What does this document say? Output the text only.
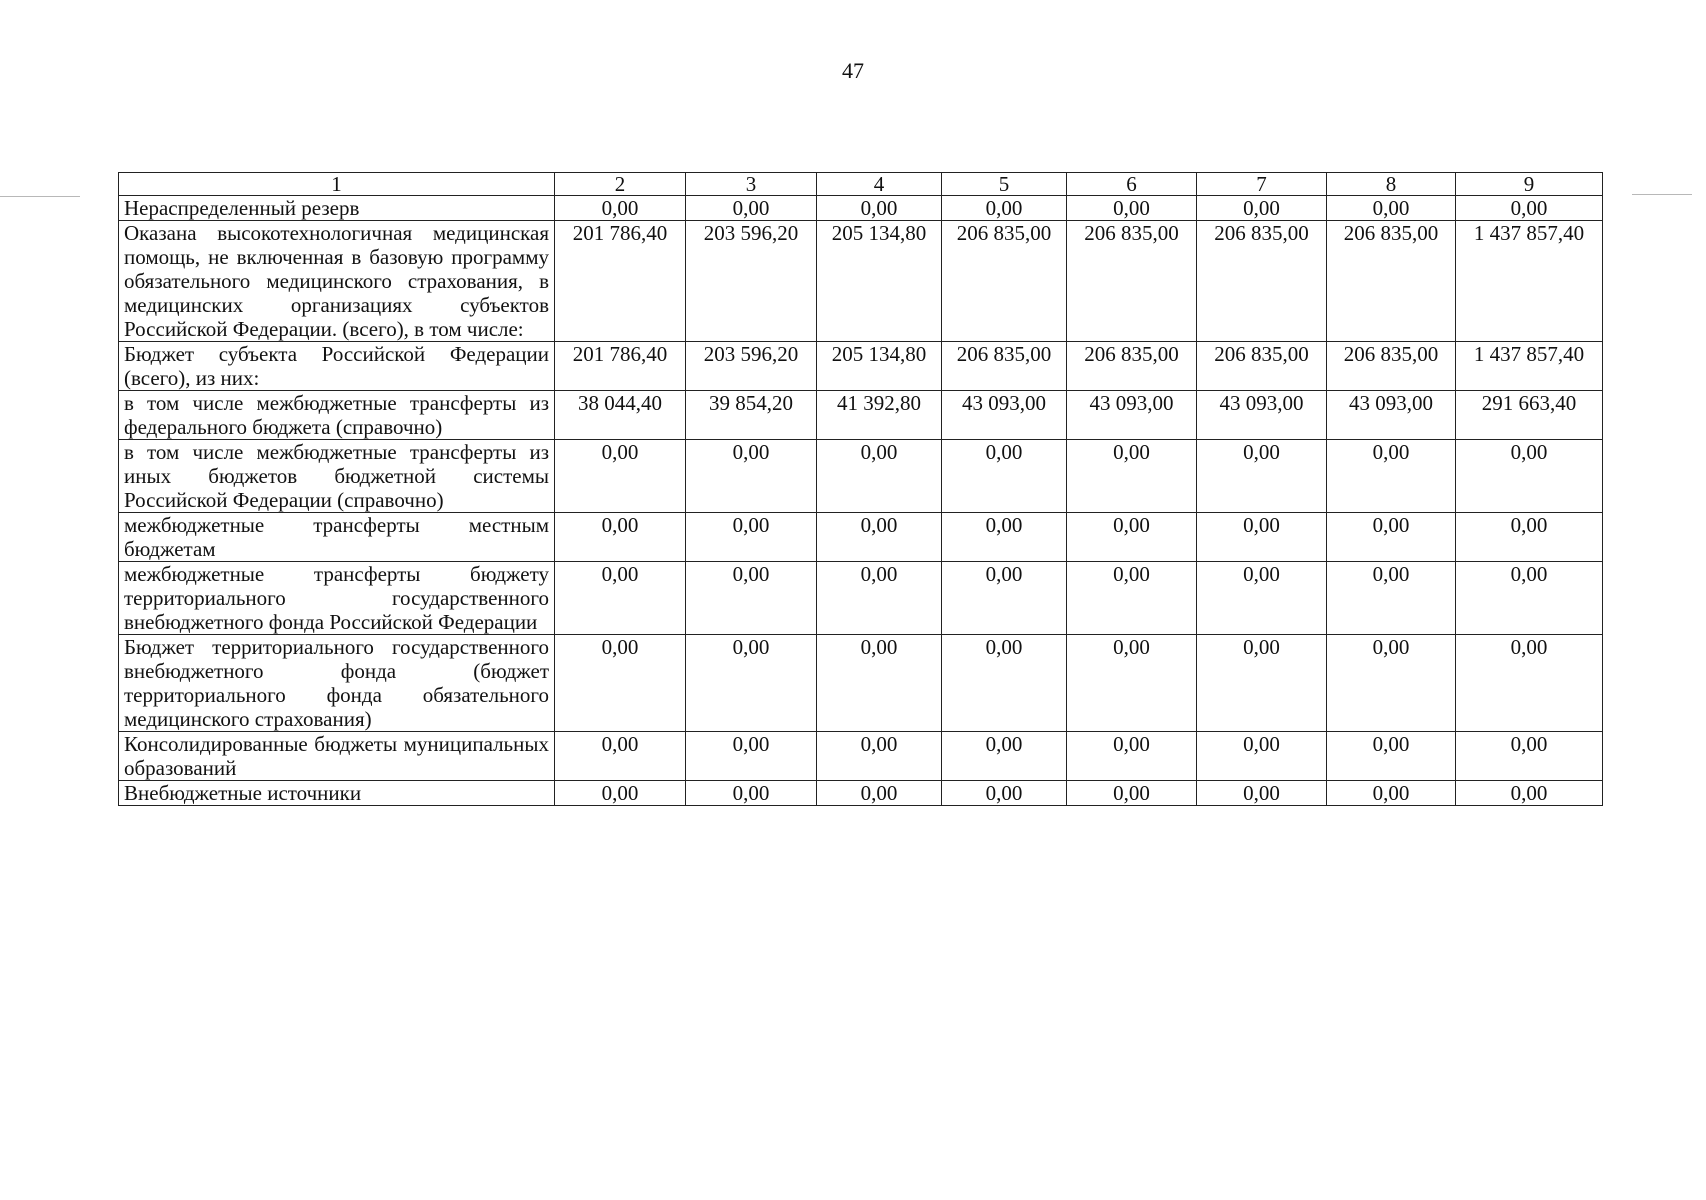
47
1	2	3	4	5	6	7	8	9
Нераспределенный резерв	0,00	0,00	0,00	0,00	0,00	0,00	0,00	0,00
Оказана высокотехнологичная медицинская помощь, не включенная в базовую программу обязательного медицинского страхования, в медицинских организациях субъектов Российской Федерации. (всего), в том числе:	201 786,40	203 596,20	205 134,80	206 835,00	206 835,00	206 835,00	206 835,00	1 437 857,40
Бюджет субъекта Российской Федерации (всего), из них:	201 786,40	203 596,20	205 134,80	206 835,00	206 835,00	206 835,00	206 835,00	1 437 857,40
в том числе межбюджетные трансферты из федерального бюджета (справочно)	38 044,40	39 854,20	41 392,80	43 093,00	43 093,00	43 093,00	43 093,00	291 663,40
в том числе межбюджетные трансферты из иных бюджетов бюджетной системы Российской Федерации (справочно)	0,00	0,00	0,00	0,00	0,00	0,00	0,00	0,00
межбюджетные трансферты местным бюджетам	0,00	0,00	0,00	0,00	0,00	0,00	0,00	0,00
межбюджетные трансферты бюджету территориального государственного внебюджетного фонда Российской Федерации	0,00	0,00	0,00	0,00	0,00	0,00	0,00	0,00
Бюджет территориального государственного внебюджетного фонда (бюджет территориального фонда обязательного медицинского страхования)	0,00	0,00	0,00	0,00	0,00	0,00	0,00	0,00
Консолидированные бюджеты муниципальных образований	0,00	0,00	0,00	0,00	0,00	0,00	0,00	0,00
Внебюджетные источники	0,00	0,00	0,00	0,00	0,00	0,00	0,00	0,00
